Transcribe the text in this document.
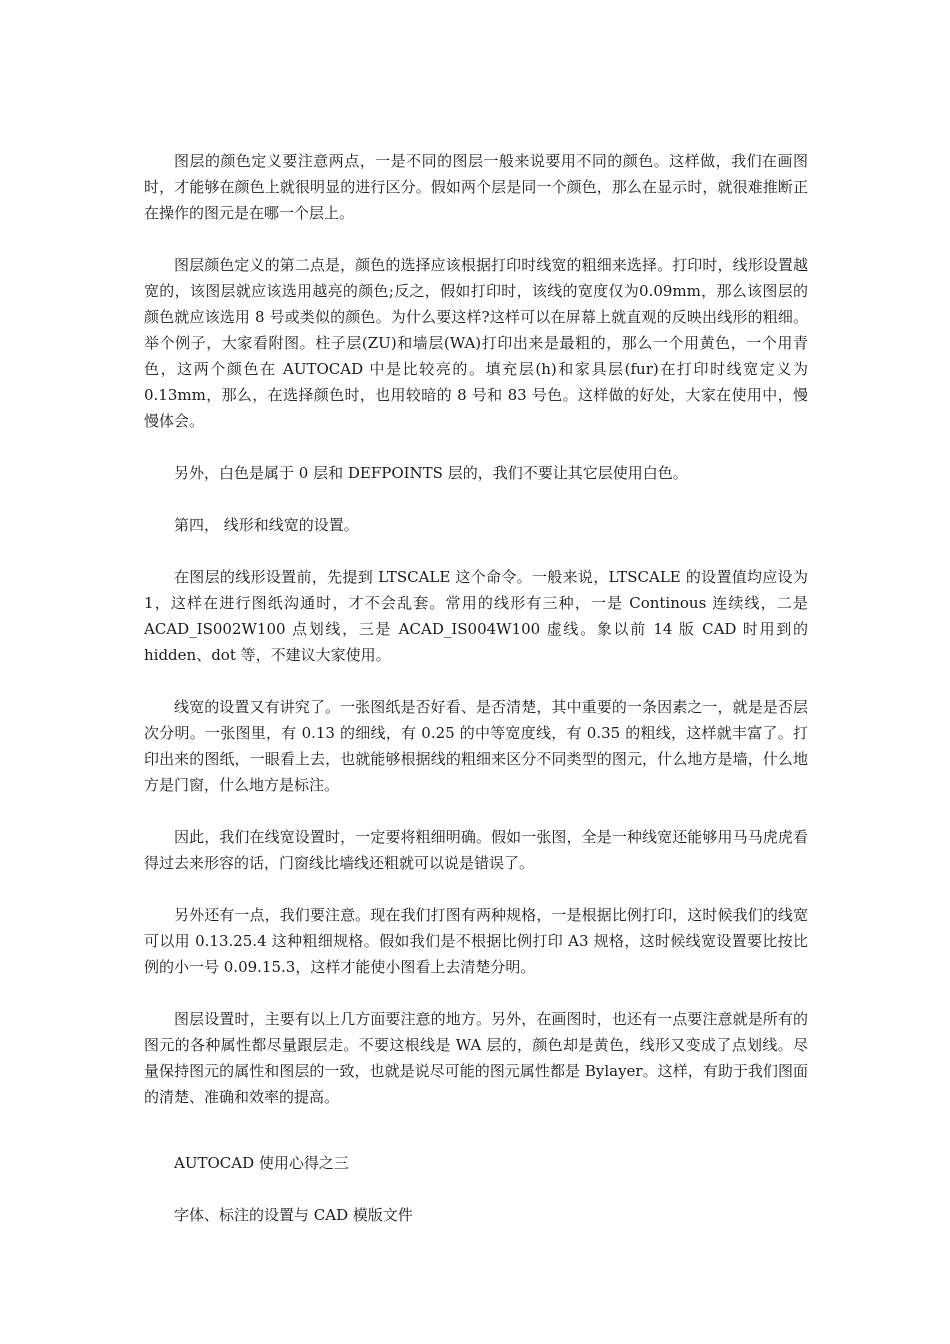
图层的颜色定义要注意两点，一是不同的图层一般来说要用不同的颜色。这样做，我们在画图时，才能够在颜色上就很明显的进行区分。假如两个层是同一个颜色，那么在显示时，就很难推断正在操作的图元是在哪一个层上。

图层颜色定义的第二点是，颜色的选择应该根据打印时线宽的粗细来选择。打印时，线形设置越宽的，该图层就应该选用越亮的颜色;反之，假如打印时，该线的宽度仅为0.09mm，那么该图层的颜色就应该选用 8 号或类似的颜色。为什么要这样?这样可以在屏幕上就直观的反映出线形的粗细。举个例子，大家看附图。柱子层(ZU)和墙层(WA)打印出来是最粗的，那么一个用黄色，一个用青色，这两个颜色在 AUTOCAD 中是比较亮的。填充层(h)和家具层(fur)在打印时线宽定义为 0.13mm，那么，在选择颜色时，也用较暗的 8 号和 83 号色。这样做的好处，大家在使用中，慢慢体会。

另外，白色是属于 0 层和 DEFPOINTS 层的，我们不要让其它层使用白色。

第四， 线形和线宽的设置。

在图层的线形设置前，先提到 LTSCALE 这个命令。一般来说，LTSCALE 的设置值均应设为 1，这样在进行图纸沟通时，才不会乱套。常用的线形有三种，一是 Continous 连续线，二是 ACAD_IS002W100 点划线，三是 ACAD_IS004W100 虚线。象以前 14 版 CAD 时用到的 hidden、dot 等，不建议大家使用。

线宽的设置又有讲究了。一张图纸是否好看、是否清楚，其中重要的一条因素之一，就是是否层次分明。一张图里，有 0.13 的细线，有 0.25 的中等宽度线，有 0.35 的粗线，这样就丰富了。打印出来的图纸，一眼看上去，也就能够根据线的粗细来区分不同类型的图元，什么地方是墙，什么地方是门窗，什么地方是标注。

因此，我们在线宽设置时，一定要将粗细明确。假如一张图，全是一种线宽还能够用马马虎虎看得过去来形容的话，门窗线比墙线还粗就可以说是错误了。

另外还有一点，我们要注意。现在我们打图有两种规格，一是根据比例打印，这时候我们的线宽可以用 0.13.25.4 这种粗细规格。假如我们是不根据比例打印 A3 规格，这时候线宽设置要比按比例的小一号 0.09.15.3，这样才能使小图看上去清楚分明。

图层设置时，主要有以上几方面要注意的地方。另外，在画图时，也还有一点要注意就是所有的图元的各种属性都尽量跟层走。不要这根线是 WA 层的，颜色却是黄色，线形又变成了点划线。尽量保持图元的属性和图层的一致，也就是说尽可能的图元属性都是 Bylayer。这样，有助于我们图面的清楚、准确和效率的提高。

AUTOCAD 使用心得之三

字体、标注的设置与 CAD 模版文件
